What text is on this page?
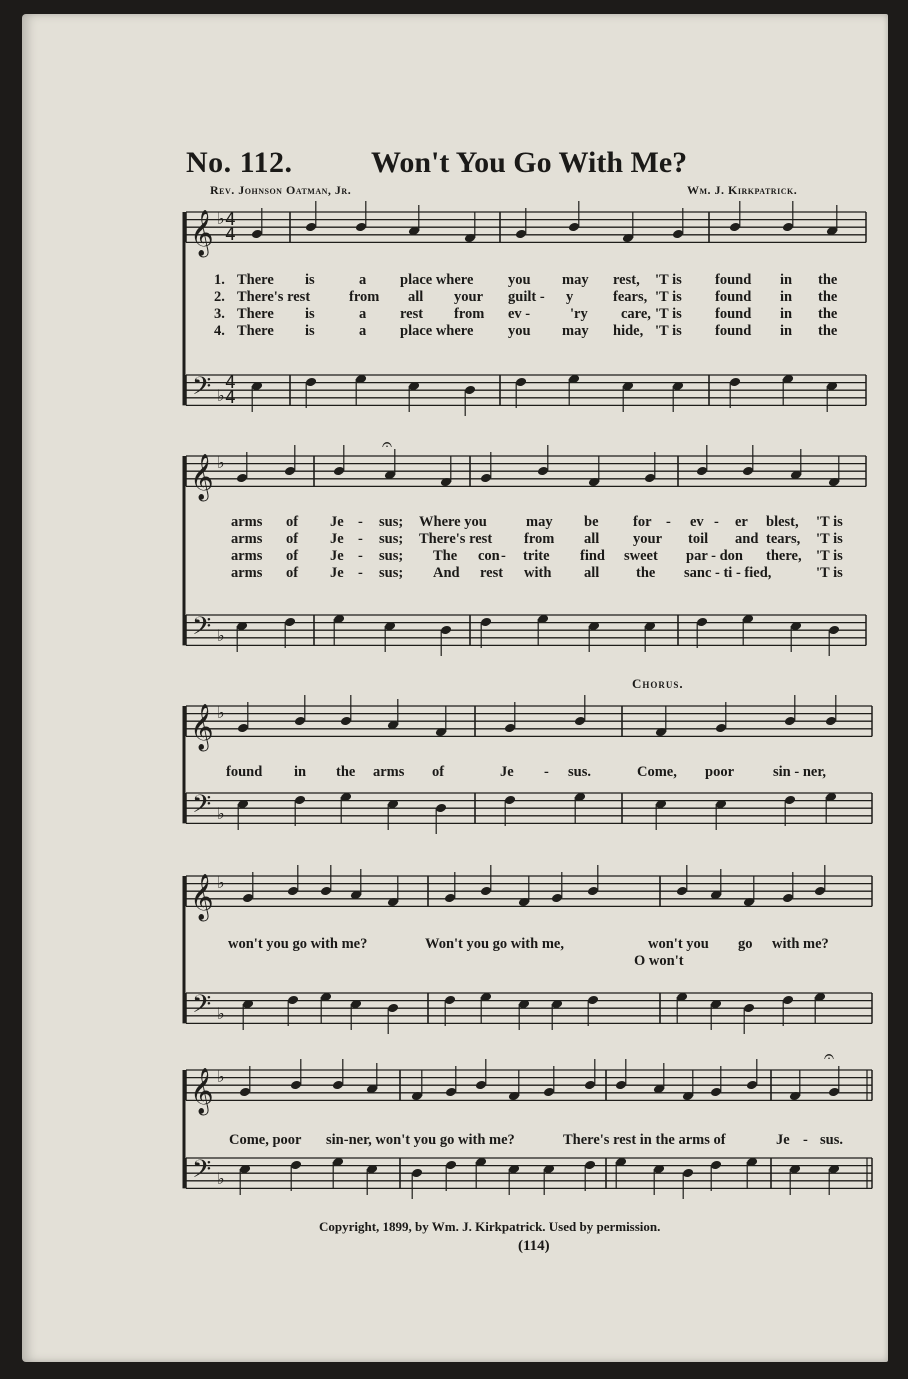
No. 112.	Won't You Go With Me?
Rev. Johnson Oatman, Jr.	Wm. J. Kirkpatrick.
𝄞
𝄢
♭
♭
4
4
4
4
𝄞
𝄢
♭
♭
𝄞
𝄢
♭
♭
𝄞
𝄢
♭
♭
𝄞
𝄢
♭
♭
𝄐
𝄐
Chorus.
1. There is	a place where you may rest, 'T is found in the
2. There's rest	from all your guilt - y	fears, 'T is found in the
3. There is	a rest from ev -	'ry care, 'T is found in the
4. There is	a place where you may hide, 'T is found in the
arms of Je - sus; Where you	may be for - ev - er blest, 'T is
arms of Je - sus; There's rest from all your toil and tears, 'T is
arms of Je - sus; The con - trite find sweet par - don there, 'T is
arms of Je - sus; And rest with all	the sanc - ti - fied,	'T is
found in the arms of	Je - sus.	Come, poor	sin - ner,
won't you go with me?	Won't you go with me,	won't you go with me?
Come, poor sin-ner, won't you go with me?	There's rest in the arms of	Je - sus.
O won't
Copyright, 1899, by Wm. J. Kirkpatrick. Used by permission.
(114)
